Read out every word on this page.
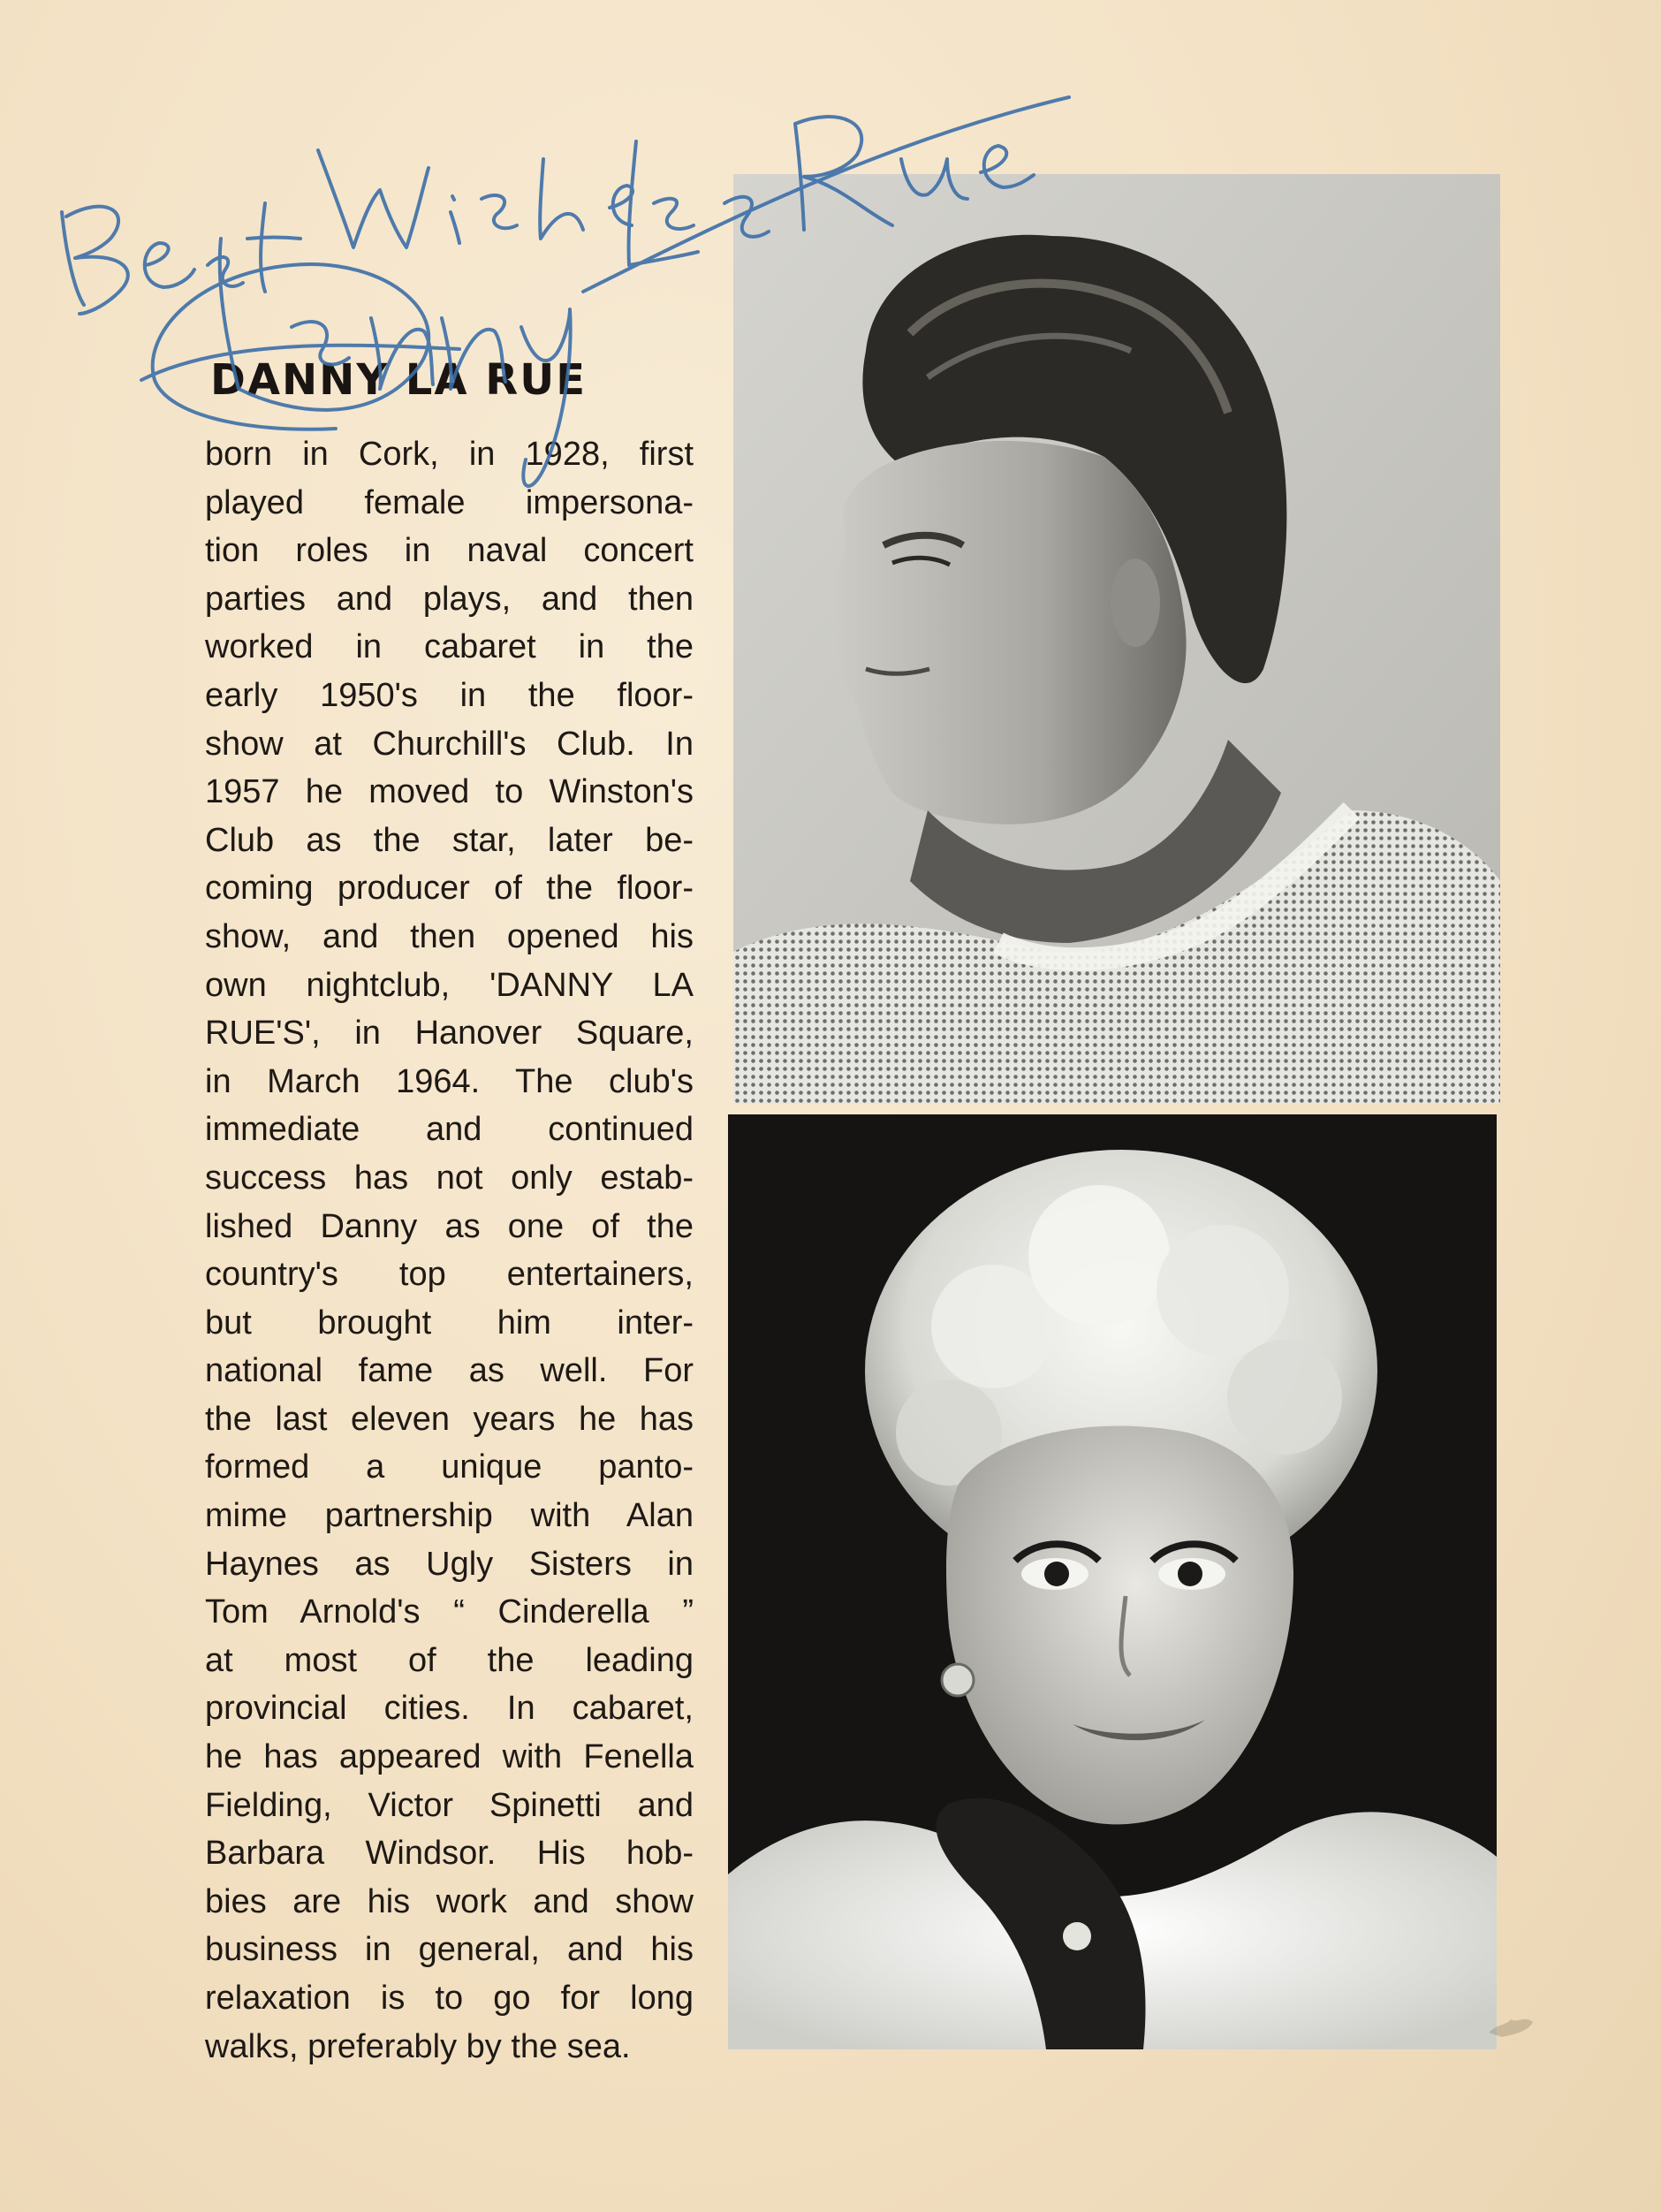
DANNY LA RUE
born in Cork, in 1928, first
played female impersona-
tion roles in naval concert
parties and plays, and then
worked in cabaret in the
early 1950's in the floor-
show at Churchill's Club. In
1957 he moved to Winston's
Club as the star, later be-
coming producer of the floor-
show, and then opened his
own nightclub, 'DANNY LA
RUE'S', in Hanover Square,
in March 1964. The club's
immediate and continued
success has not only estab-
lished Danny as one of the
country's top entertainers,
but brought him inter-
national fame as well. For
the last eleven years he has
formed a unique panto-
mime partnership with Alan
Haynes as Ugly Sisters in
Tom Arnold's “ Cinderella ”
at most of the leading
provincial cities. In cabaret,
he has appeared with Fenella
Fielding, Victor Spinetti and
Barbara Windsor. His hob-
bies are his work and show
business in general, and his
relaxation is to go for long
walks, preferably by the sea.
